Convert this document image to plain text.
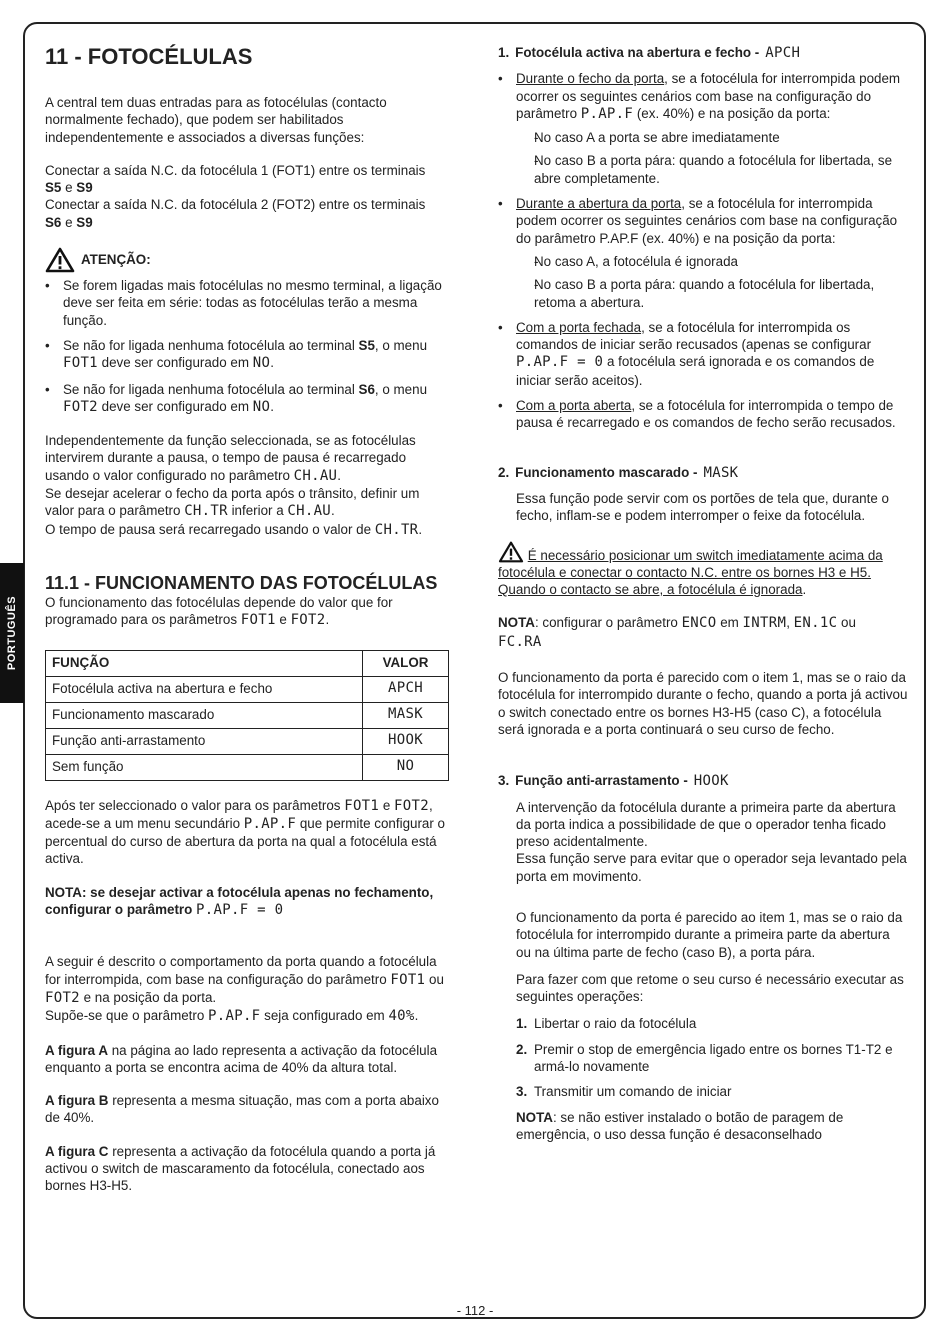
PORTUGUÊS
11 - FOTOCÉLULAS

A central tem duas entradas para as fotocélulas (contacto normalmente fechado), que podem ser habilitados independentemente e associados a diversas funções:

Conectar a saída N.C. da fotocélula 1 (FOT1) entre os terminais
S5 e S9

Conectar a saída N.C. da fotocélula 2 (FOT2) entre os terminais
S6 e S9

ATENÇÃO:
• Se forem ligadas mais fotocélulas no mesmo terminal, a ligação deve ser feita em série: todas as fotocélulas terão a mesma função.
• Se não for ligada nenhuma fotocélula ao terminal S5, o menu
FOT1 deve ser configurado em NO.
• Se não for ligada nenhuma fotocélula ao terminal S6, o menu
FOT2 deve ser configurado em NO.

Independentemente da função seleccionada, se as fotocélulas intervirem durante a pausa, o tempo de pausa é recarregado usando o valor configurado no parâmetro CH.AU.

Se desejar acelerar o fecho da porta após o trânsito, definir um valor para o parâmetro CH.TR inferior a CH.AU.

O tempo de pausa será recarregado usando o valor de CH.TR.

11.1 - FUNCIONAMENTO DAS FOTOCÉLULAS

O funcionamento das fotocélulas depende do valor que for programado para os parâmetros FOT1 e FOT2.

FUNÇÃO	VALOR
Fotocélula activa na abertura e fecho	APCH
Funcionamento mascarado	MASK
Função anti-arrastamento	HOOK
Sem função	NO

Após ter seleccionado o valor para os parâmetros FOT1 e FOT2, acede-se a um menu secundário P.AP.F que permite configurar o percentual do curso de abertura da porta na qual a fotocélula está activa.

NOTA: se desejar activar a fotocélula apenas no fechamento, configurar o parâmetro P.AP.F = 0

A seguir é descrito o comportamento da porta quando a fotocélula for interrompida, com base na configuração do parâmetro FOT1 ou FOT2 e na posição da porta.

Supõe-se que o parâmetro P.AP.F seja configurado em 40%.

A figura A na página ao lado representa a activação da fotocélula enquanto a porta se encontra acima de 40% da altura total.

A figura B representa a mesma situação, mas com a porta abaixo de 40%.

A figura C representa a activação da fotocélula quando a porta já activou o switch de mascaramento da fotocélula, conectado aos bornes H3-H5.

1. Fotocélula activa na abertura e fecho - APCH
• Durante o fecho da porta, se a fotocélula for interrompida podem ocorrer os seguintes cenários com base na configuração do parâmetro P.AP.F (ex. 40%) e na posição da porta:
- No caso A a porta se abre imediatamente
- No caso B a porta pára: quando a fotocélula for libertada, se abre completamente.
• Durante a abertura da porta, se a fotocélula for interrompida podem ocorrer os seguintes cenários com base na configuração do parâmetro P.AP.F (ex. 40%) e na posição da porta:
- No caso A, a fotocélula é ignorada
- No caso B a porta pára: quando a fotocélula for libertada, retoma a abertura.
• Com a porta fechada, se a fotocélula for interrompida os comandos de iniciar serão recusados (apenas se configurar P.AP.F = 0 a fotocélula será ignorada e os comandos de iniciar serão aceitos).
• Com a porta aberta, se a fotocélula for interrompida o tempo de pausa é recarregado e os comandos de fecho serão recusados.
2. Funcionamento mascarado - MASK

Essa função pode servir com os portões de tela que, durante o
fecho, inflam-se e podem interromper o feixe da fotocélula.

É necessário posicionar um switch imediatamente acima da fotocélula e conectar o contacto N.C. entre os bornes H3 e H5. Quando o contacto se abre, a fotocélula é ignorada.

NOTA: configurar o parâmetro ENCO em INTRM, EN.1C ou
FC.RA

O funcionamento da porta é parecido com o item 1, mas se o raio da fotocélula for interrompido durante o fecho, quando a porta já activou o switch conectado entre os bornes H3-H5 (caso C), a fotocélula será ignorada e a porta continuará o seu curso de fecho.

3. Função anti-arrastamento - HOOK

A intervenção da fotocélula durante a primeira parte da abertura da porta indica a possibilidade de que o operador tenha ficado preso acidentalmente.

Essa função serve para evitar que o operador seja levantado pela porta em movimento.

O funcionamento da porta é parecido ao item 1, mas se o raio da fotocélula for interrompido durante a primeira parte da abertura ou na última parte de fecho (caso B), a porta pára.

Para fazer com que retome o seu curso é necessário executar as seguintes operações:

1. Libertar o raio da fotocélula
2. Premir o stop de emergência ligado entre os bornes T1-T2 e
armá-lo novamente
3. Transmitir um comando de iniciar

NOTA: se não estiver instalado o botão de paragem de emergência, o uso dessa função é desaconselhado

- 112 -
